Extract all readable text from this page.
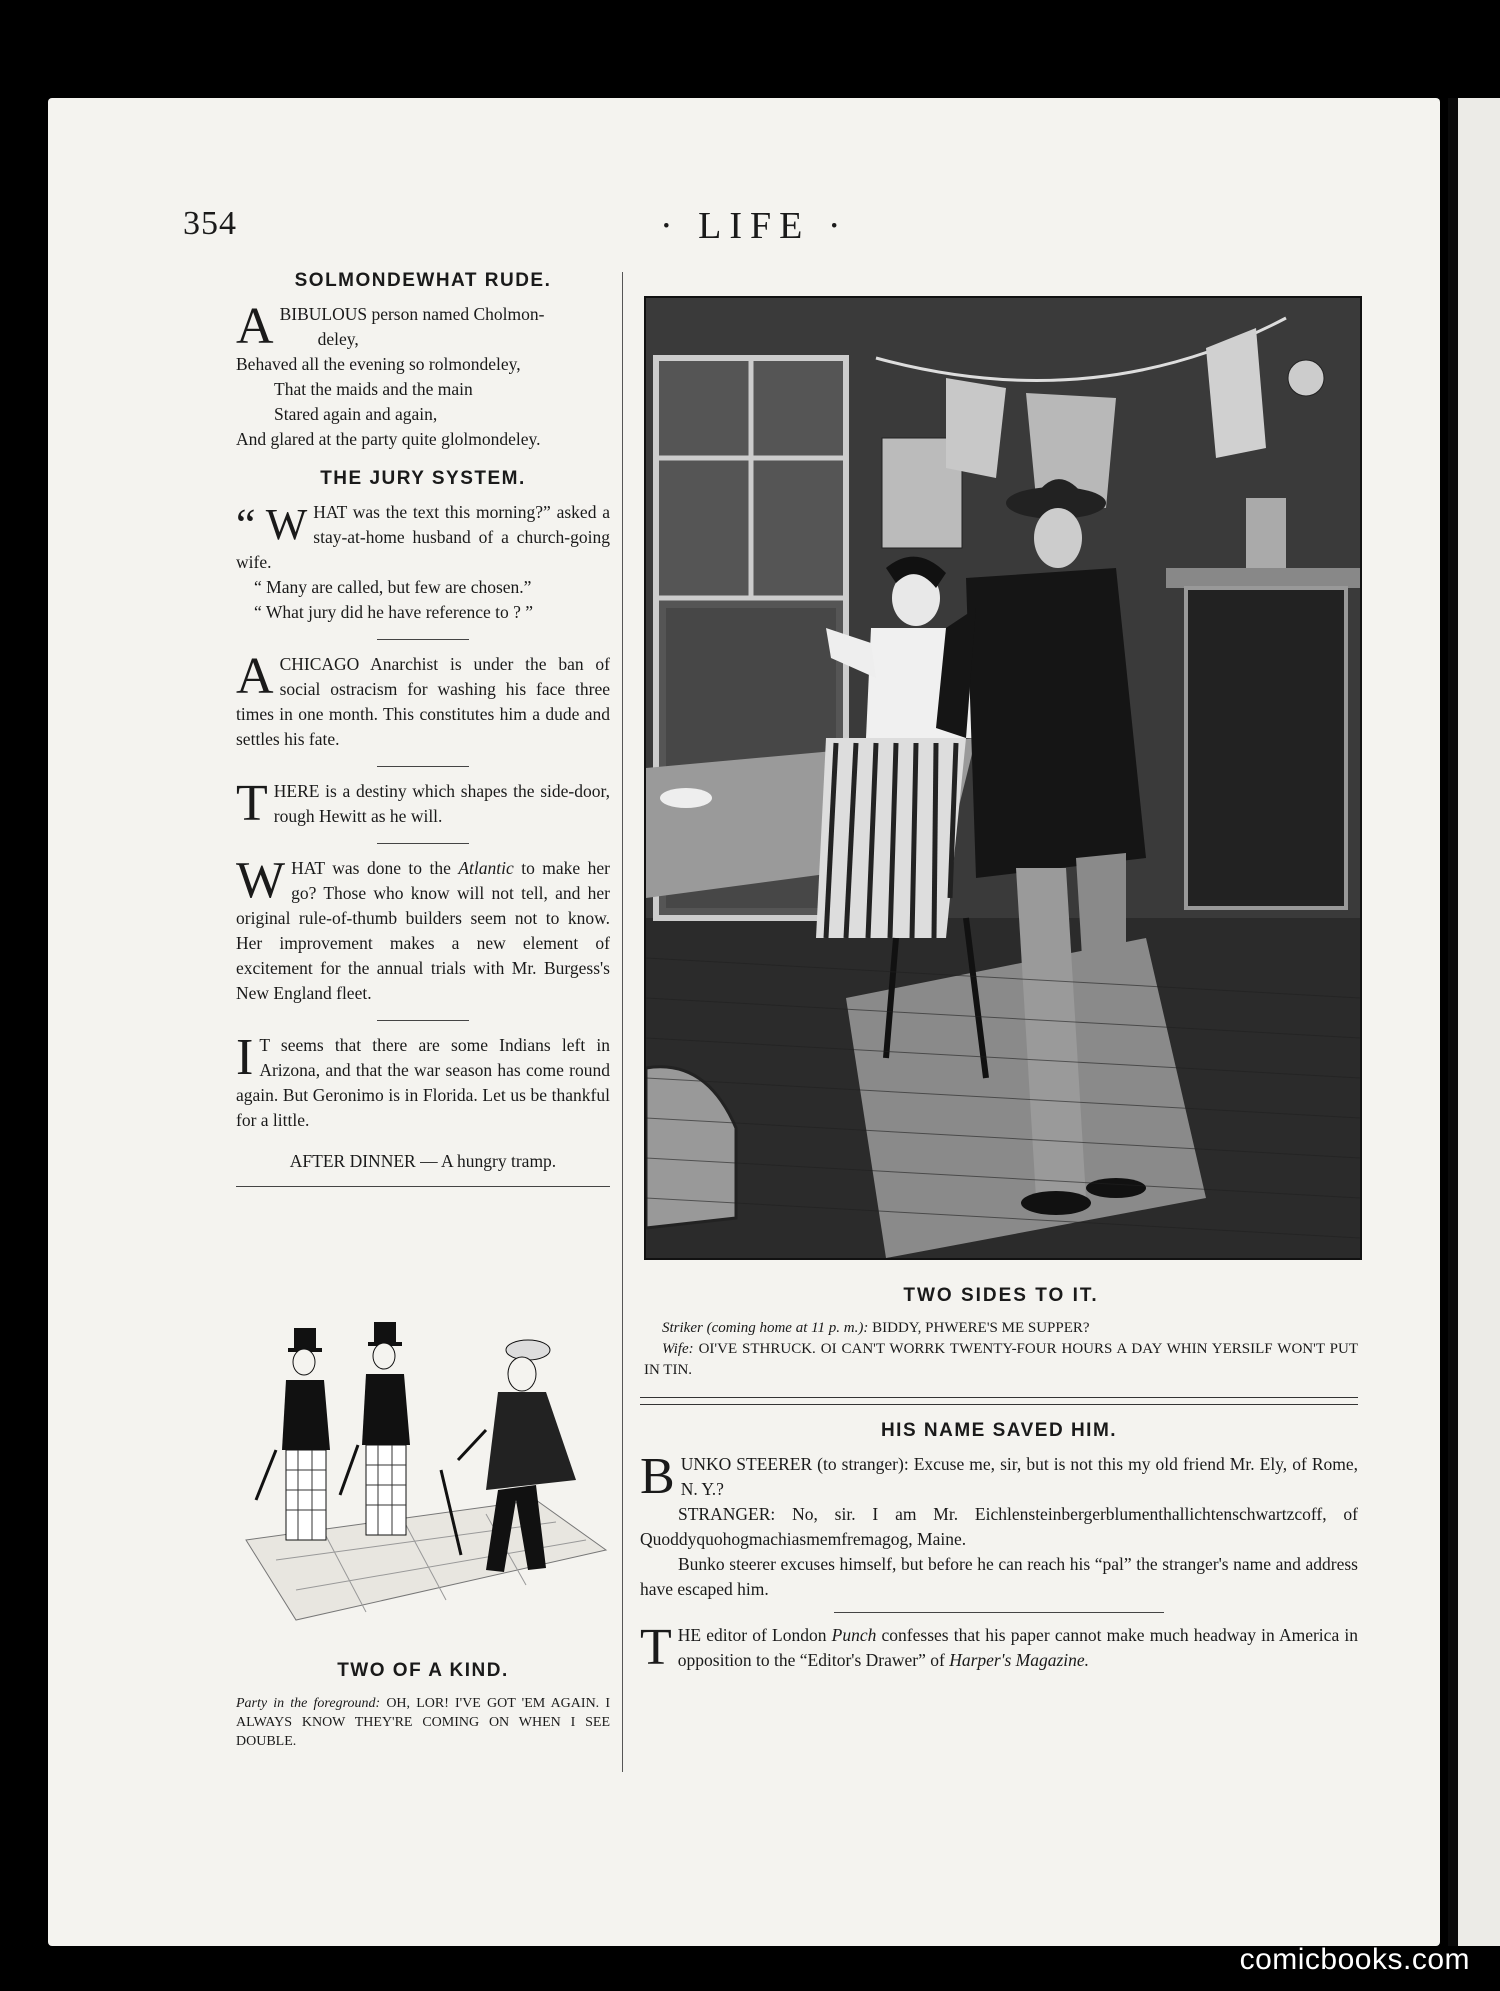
354	· LIFE ·
SOLMONDEWHAT RUDE.

ABIBULOUS person named Cholmon-
deley,

Behaved all the evening so rolmondeley,

That the maids and the main

Stared again and again,

And glared at the party quite glolmondeley.

THE JURY SYSTEM.

“ W HAT was the text this morning?” asked a stay-at-home husband of a church-going wife.

“ Many are called, but few are chosen.”

“ What jury did he have reference to ? ”

ACHICAGO Anarchist is under the ban of social ostracism for washing his face three times in one month. This constitutes him a dude and settles his fate.

THERE is a destiny which shapes the side-door, rough Hewitt as he will.

WHAT was done to the Atlantic to make her go? Those who know will not tell, and her original rule-of-thumb builders seem not to know. Her improvement makes a new element of excitement for the annual trials with Mr. Burgess's New England fleet.

I T seems that there are some Indians left in Arizona, and that the war season has come round again. But Geronimo is in Florida. Let us be thankful for a little.

AFTER DINNER — A hungry tramp.
TWO OF A KIND.
Party in the foreground: OH, LOR! I'VE GOT 'EM AGAIN. I ALWAYS KNOW THEY'RE COMING ON WHEN I SEE DOUBLE.
TWO SIDES TO IT.
Striker (coming home at 11 p. m.): BIDDY, PHWERE'S ME SUPPER?
Wife: OI'VE STHRUCK. OI CAN'T WORRK TWENTY-FOUR HOURS A DAY WHIN YERSILF WON'T PUT IN TIN.
HIS NAME SAVED HIM.

BUNKO STEERER (to stranger): Excuse me, sir, but is not this my old friend Mr. Ely, of Rome, N. Y.?

STRANGER: No, sir. I am Mr. Eichlensteinbergerblumenthallichtenschwartzcoff, of Quoddyquohogmachiasmemfremagog, Maine.

Bunko steerer excuses himself, but before he can reach his “pal” the stranger's name and address have escaped him.

THE editor of London Punch confesses that his paper cannot make much headway in America in opposition to the “Editor's Drawer” of Harper's Magazine.

comicbooks.com
